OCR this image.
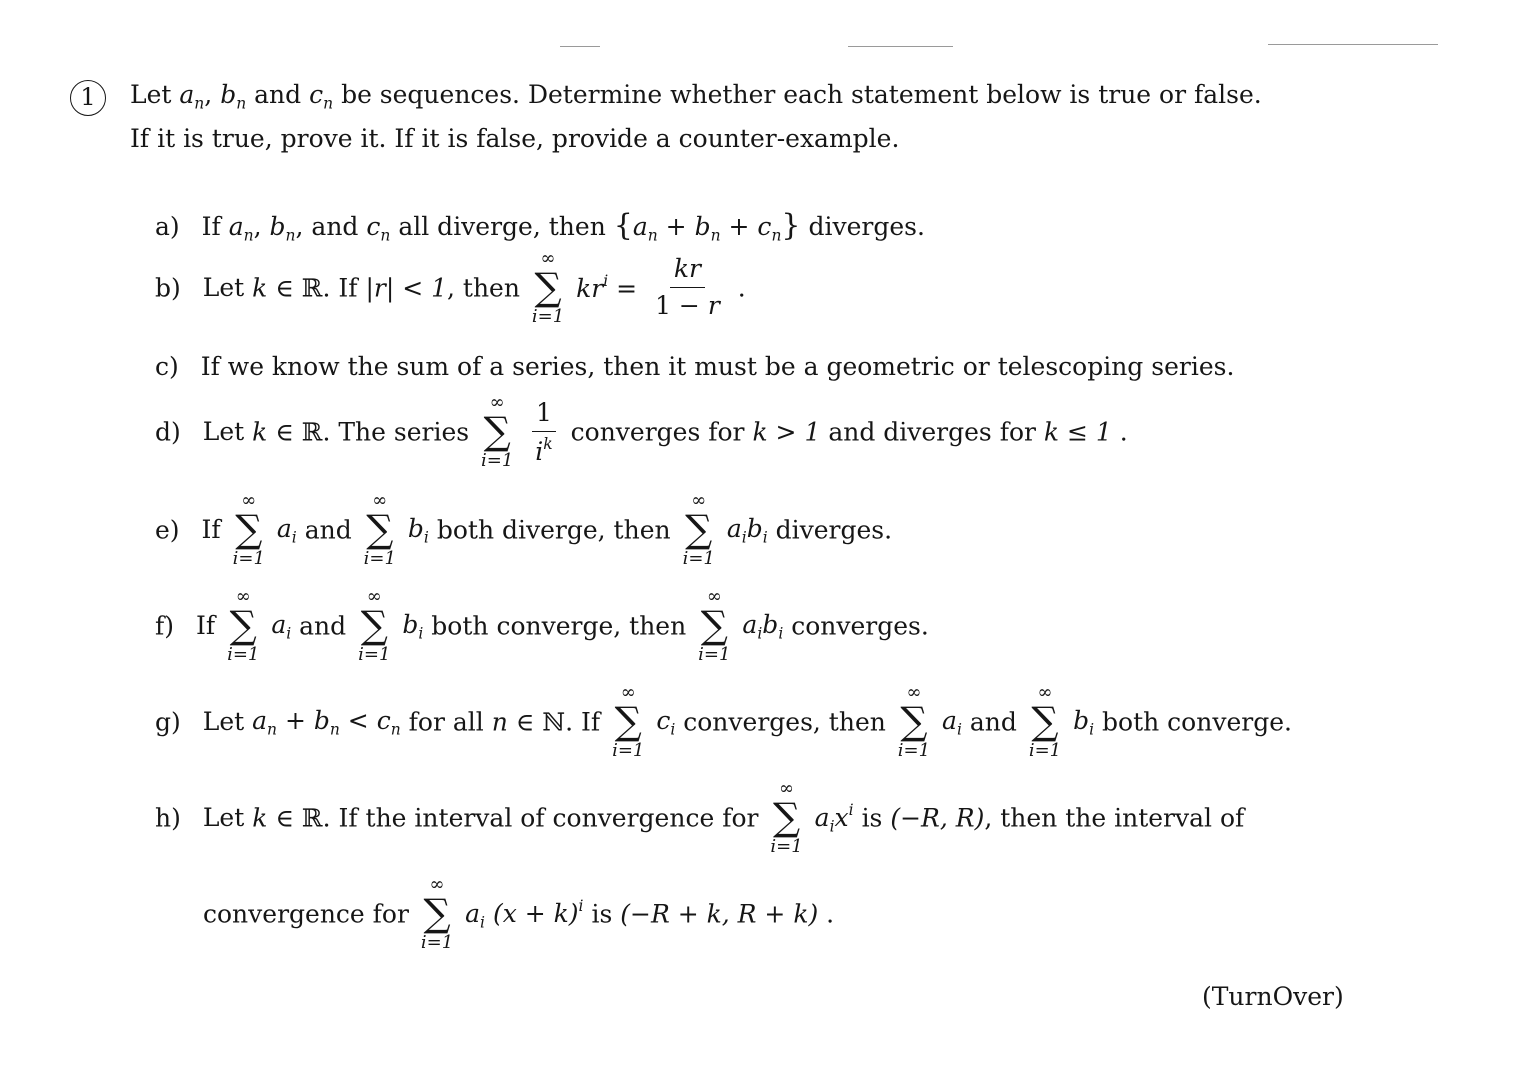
1	Let $a_n$, $b_n$ and $c_n$ be sequences. Determine whether each statement below is true or false.
If it is true, prove it. If it is false, provide a counter-example.
a) If $a_n$, $b_n$, and $c_n$ all diverge, then $\{a_n + b_n + c_n\}$ diverges.
b) Let k ∈ ℝ. If |r| < 1, then
∞
∑
i=1
$kr^i = \frac{kr}{1 - r}$ .
c) If we know the sum of a series, then it must be a geometric or telescoping series.
d) Let k ∈ ℝ. The series
∞
∑
i=1
$\frac{1}{i^k}$ converges for k > 1 and diverges for k ≤ 1 .
e) If
∞
∑
i=1
$a_i$ and
∞
∑
i=1
$b_i$ both diverge, then
∞
∑
i=1
$a_ib_i$ diverges.
f) If
∞
∑
i=1
$a_i$ and
∞
∑
i=1
$b_i$ both converge, then
∞
∑
i=1
$a_ib_i$ converges.
g) Let $a_n + b_n < c_n$ for all n ∈ ℕ. If
∞
∑
i=1
$c_i$ converges, then
∞
∑
i=1
$a_i$ and
∞
∑
i=1
$b_i$ both converge.
h) Let k ∈ ℝ. If the interval of convergence for
∞
∑
i=1
$a_ix^i$ is (−R, R), then the interval of
convergence for
∞
∑
i=1
$a_i$ $(x + k)^i$ is (−R + k, R + k) .
(TurnOver)
